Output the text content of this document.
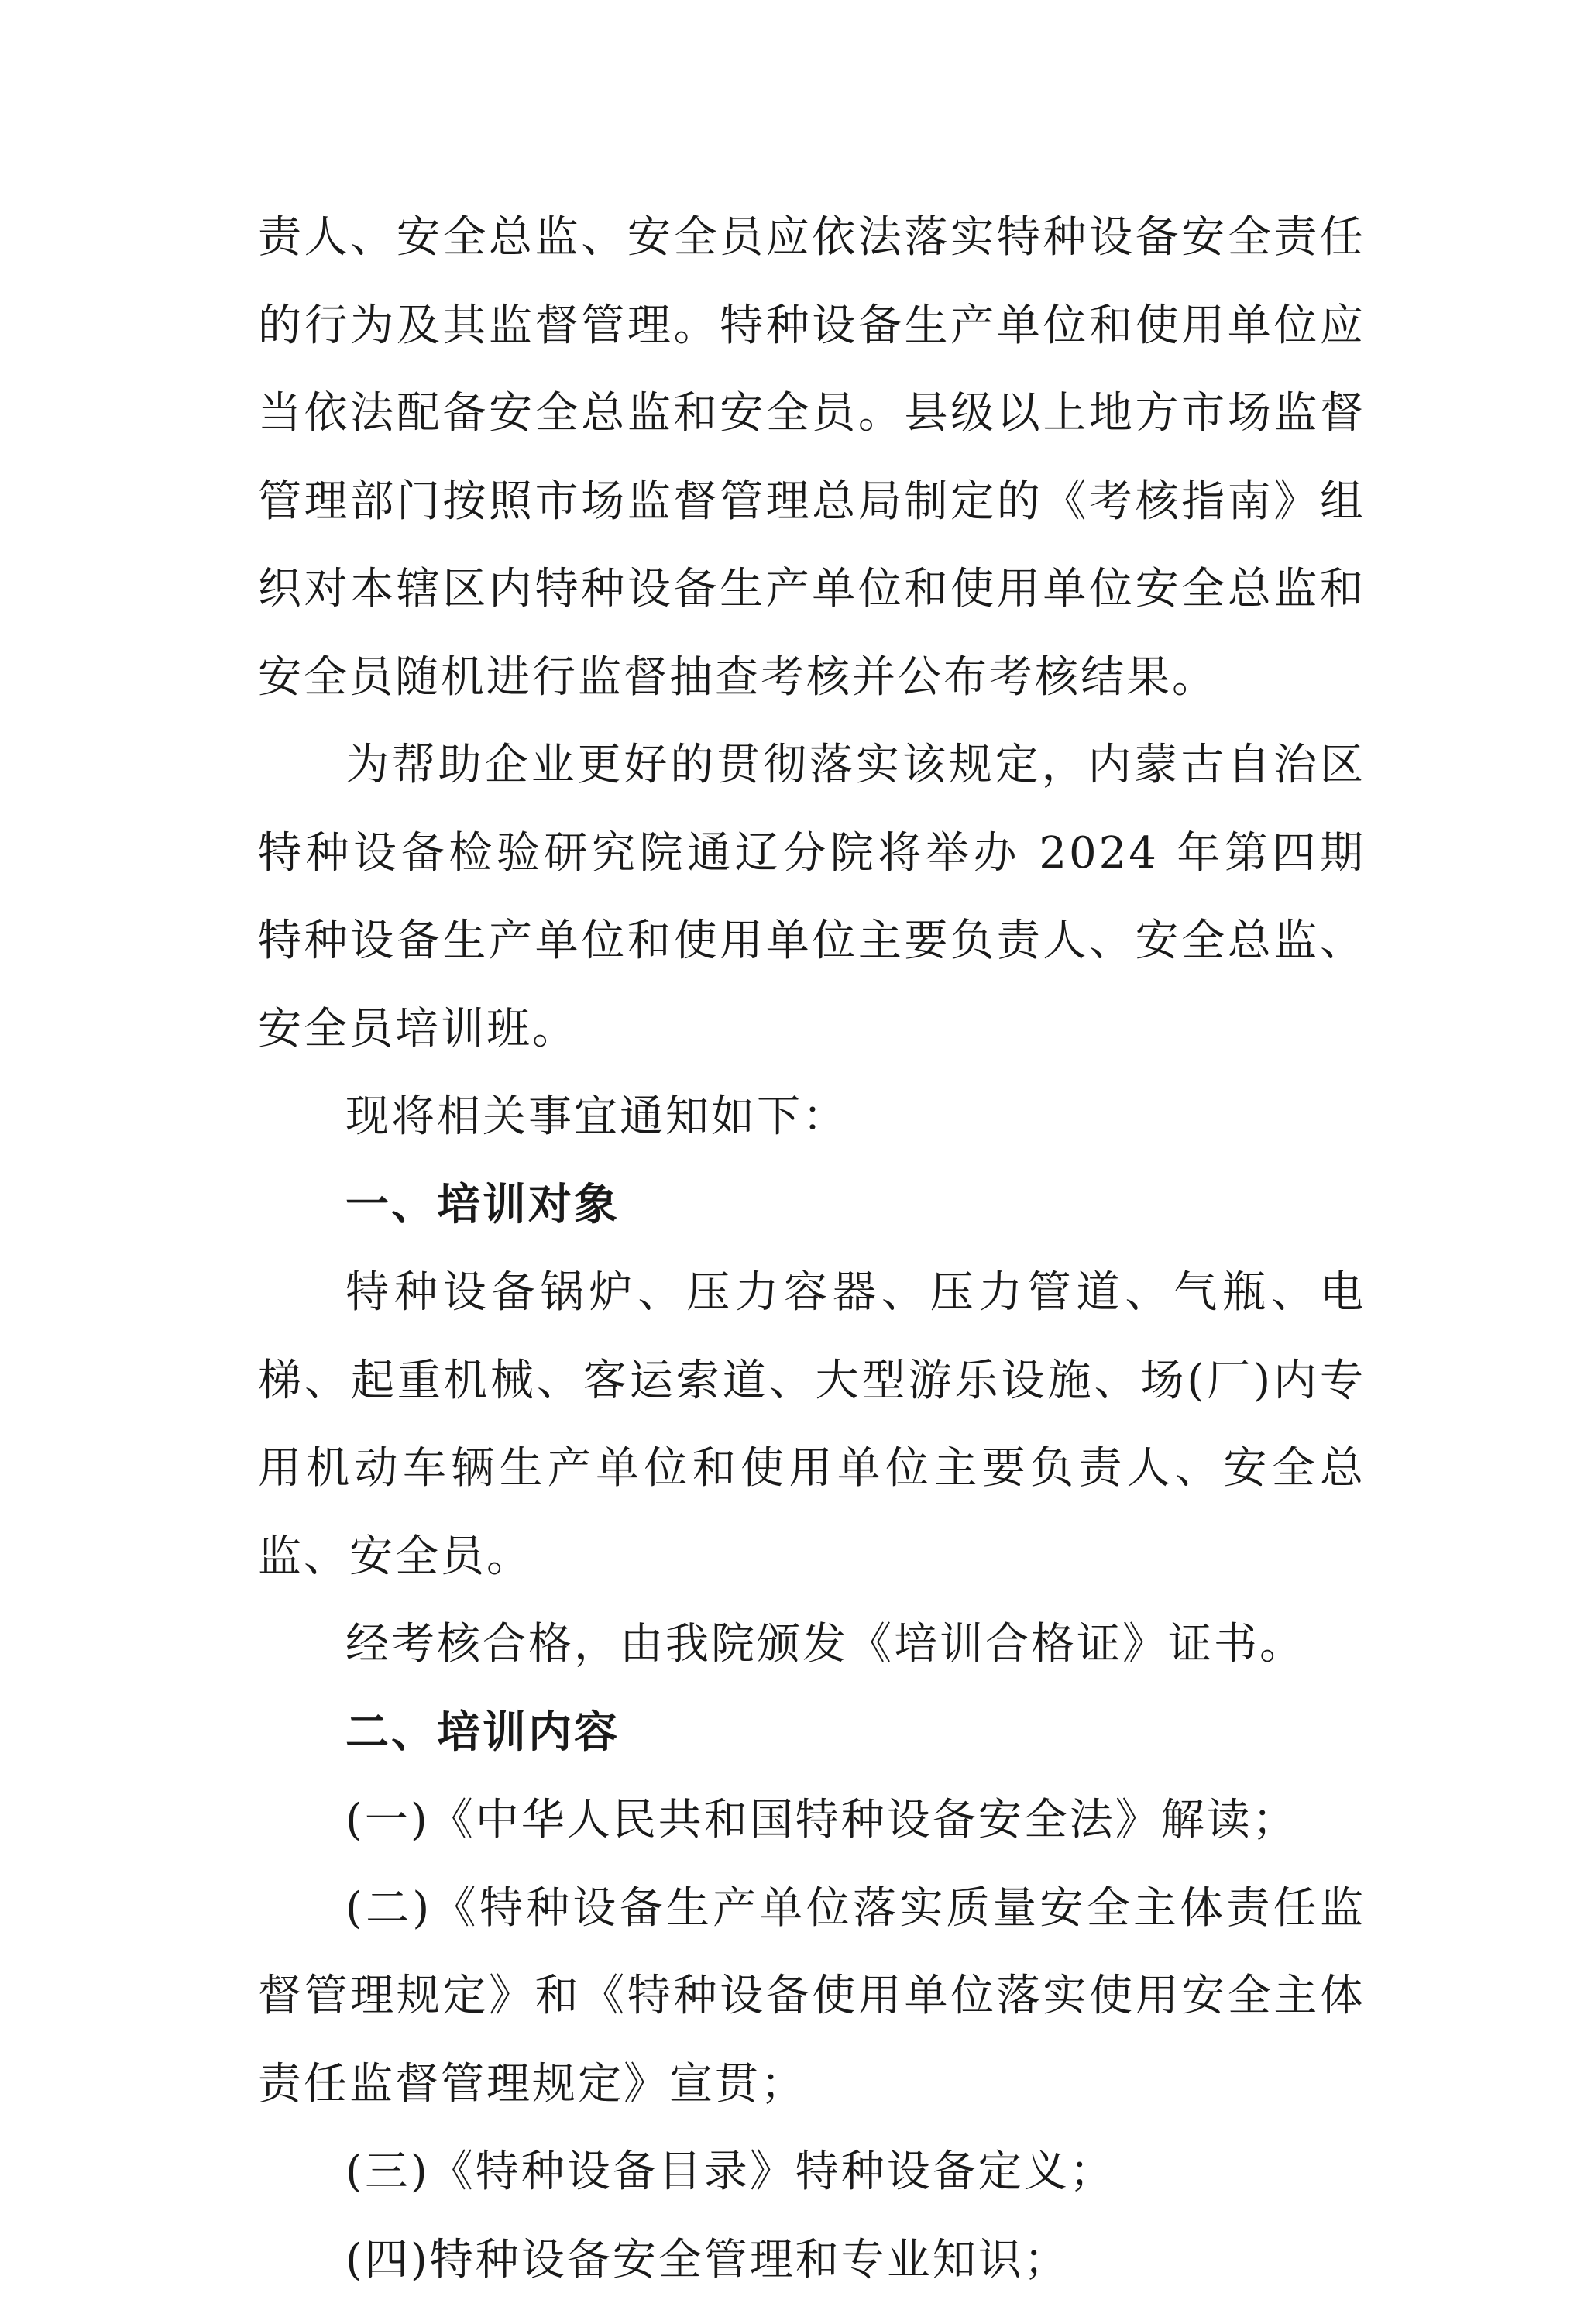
责人、安全总监、安全员应依法落实特种设备安全责任的行为及其监督管理。特种设备生产单位和使用单位应当依法配备安全总监和安全员。县级以上地方市场监督管理部门按照市场监督管理总局制定的《考核指南》组织对本辖区内特种设备生产单位和使用单位安全总监和安全员随机进行监督抽查考核并公布考核结果。

为帮助企业更好的贯彻落实该规定，内蒙古自治区特种设备检验研究院通辽分院将举办 2024 年第四期特种设备生产单位和使用单位主要负责人、安全总监、安全员培训班。

现将相关事宜通知如下：

一、培训对象

特种设备锅炉、压力容器、压力管道、气瓶、电梯、起重机械、客运索道、大型游乐设施、场(厂)内专用机动车辆生产单位和使用单位主要负责人、安全总监、安全员。

经考核合格，由我院颁发《培训合格证》证书。

二、培训内容

(一)《中华人民共和国特种设备安全法》解读；

(二)《特种设备生产单位落实质量安全主体责任监督管理规定》和《特种设备使用单位落实使用安全主体责任监督管理规定》宣贯；

(三)《特种设备目录》特种设备定义；

(四)特种设备安全管理和专业知识；
